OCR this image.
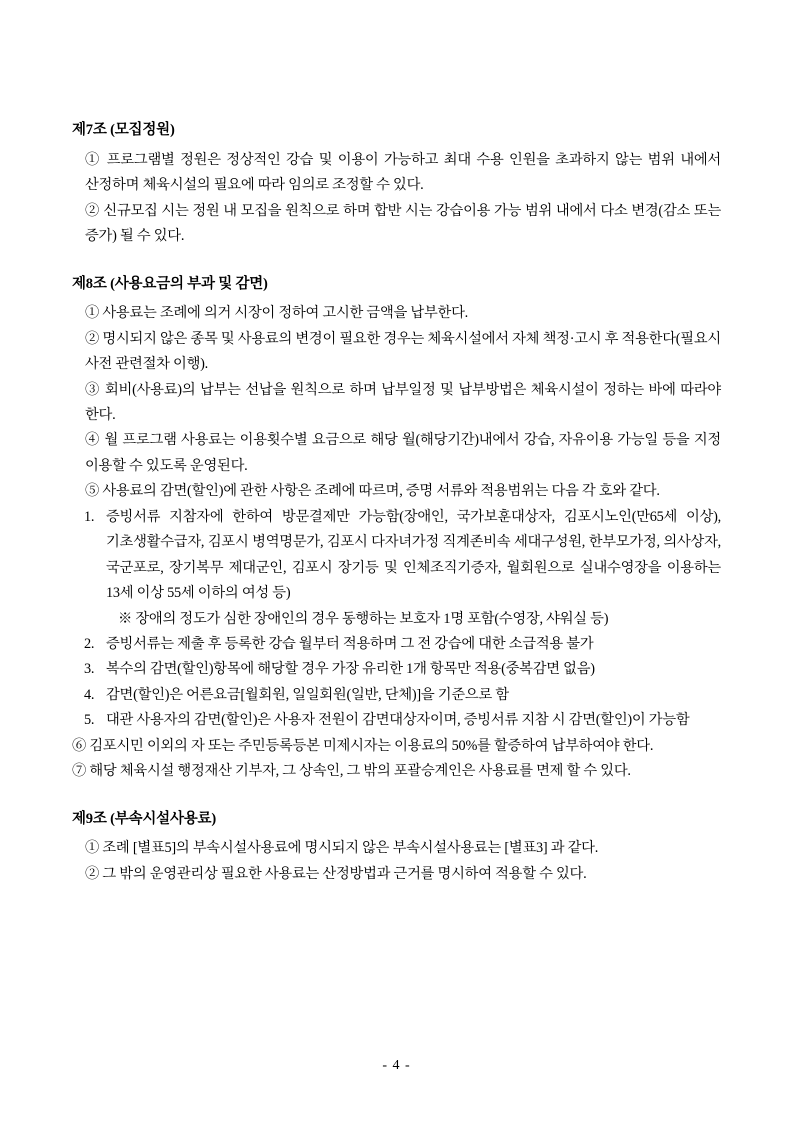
제7조 (모집정원)

① 프로그램별 정원은 정상적인 강습 및 이용이 가능하고 최대 수용 인원을 초과하지 않는 범위 내에서 산정하며 체육시설의 필요에 따라 임의로 조정할 수 있다.

② 신규모집 시는 정원 내 모집을 원칙으로 하며 합반 시는 강습이용 가능 범위 내에서 다소 변경(감소 또는 증가) 될 수 있다.

제8조 (사용요금의 부과 및 감면)

① 사용료는 조례에 의거 시장이 정하여 고시한 금액을 납부한다.

② 명시되지 않은 종목 및 사용료의 변경이 필요한 경우는 체육시설에서 자체 책정·고시 후 적용한다(필요시 사전 관련절차 이행).

③ 회비(사용료)의 납부는 선납을 원칙으로 하며 납부일정 및 납부방법은 체육시설이 정하는 바에 따라야 한다.

④ 월 프로그램 사용료는 이용횟수별 요금으로 해당 월(해당기간)내에서 강습, 자유이용 가능일 등을 지정 이용할 수 있도록 운영된다.

⑤ 사용료의 감면(할인)에 관한 사항은 조례에 따르며, 증명 서류와 적용범위는 다음 각 호와 같다.

1. 증빙서류 지참자에 한하여 방문결제만 가능함(장애인, 국가보훈대상자, 김포시노인(만65세 이상), 기초생활수급자, 김포시 병역명문가, 김포시 다자녀가정 직계존비속 세대구성원, 한부모가정, 의사상자, 국군포로, 장기복무 제대군인, 김포시 장기등 및 인체조직기증자, 월회원으로 실내수영장을 이용하는 13세 이상 55세 이하의 여성 등)
※ 장애의 정도가 심한 장애인의 경우 동행하는 보호자 1명 포함(수영장, 샤워실 등)
2. 증빙서류는 제출 후 등록한 강습 월부터 적용하며 그 전 강습에 대한 소급적용 불가
3. 복수의 감면(할인)항목에 해당할 경우 가장 유리한 1개 항목만 적용(중복감면 없음)
4. 감면(할인)은 어른요금[월회원, 일일회원(일반, 단체)]을 기준으로 함
5. 대관 사용자의 감면(할인)은 사용자 전원이 감면대상자이며, 증빙서류 지참 시 감면(할인)이 가능함

⑥ 김포시민 이외의 자 또는 주민등록등본 미제시자는 이용료의 50%를 할증하여 납부하여야 한다.

⑦ 해당 체육시설 행정재산 기부자, 그 상속인, 그 밖의 포괄승계인은 사용료를 면제 할 수 있다.

제9조 (부속시설사용료)

① 조례 [별표5]의 부속시설사용료에 명시되지 않은 부속시설사용료는 [별표3] 과 같다.

② 그 밖의 운영관리상 필요한 사용료는 산정방법과 근거를 명시하여 적용할 수 있다.

- 4 -
